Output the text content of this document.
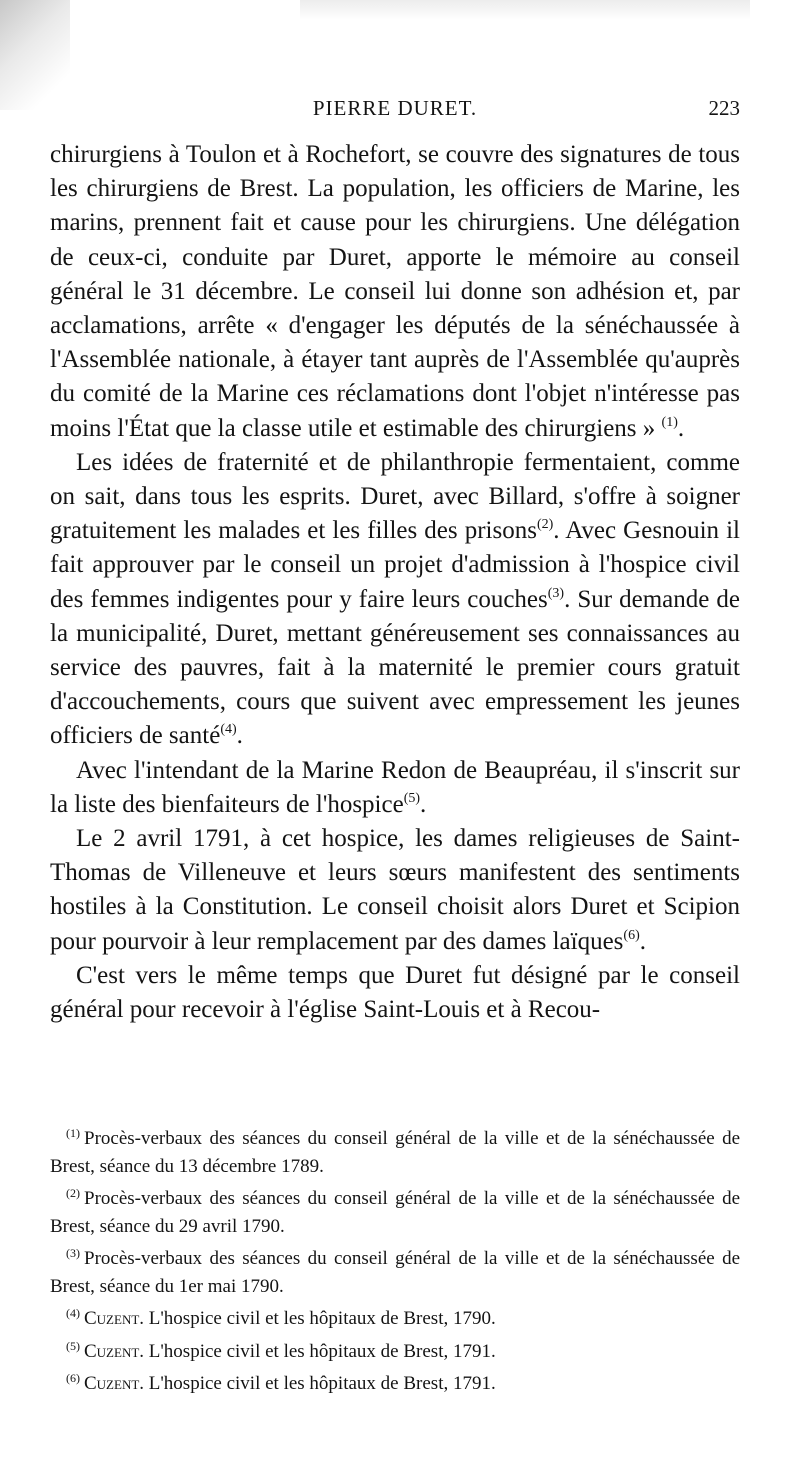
PIERRE DURET.	223

chirurgiens à Toulon et à Rochefort, se couvre des signatures de tous les chirurgiens de Brest. La population, les officiers de Marine, les marins, prennent fait et cause pour les chirurgiens. Une délégation de ceux-ci, conduite par Duret, apporte le mémoire au conseil général le 31 décembre. Le conseil lui donne son adhésion et, par acclamations, arrête « d'engager les députés de la sénéchaussée à l'Assemblée nationale, à étayer tant auprès de l'Assemblée qu'auprès du comité de la Marine ces réclamations dont l'objet n'intéresse pas moins l'État que la classe utile et estimable des chirurgiens » $^{(1)}$.

Les idées de fraternité et de philanthropie fermentaient, comme on sait, dans tous les esprits. Duret, avec Billard, s'offre à soigner gratuitement les malades et les filles des prisons$^{(2)}$. Avec Gesnouin il fait approuver par le conseil un projet d'admission à l'hospice civil des femmes indigentes pour y faire leurs couches$^{(3)}$. Sur demande de la municipalité, Duret, mettant généreusement ses connaissances au service des pauvres, fait à la maternité le premier cours gratuit d'accouchements, cours que suivent avec empressement les jeunes officiers de santé$^{(4)}$.

Avec l'intendant de la Marine Redon de Beaupréau, il s'inscrit sur la liste des bienfaiteurs de l'hospice$^{(5)}$.

Le 2 avril 1791, à cet hospice, les dames religieuses de Saint-Thomas de Villeneuve et leurs sœurs manifestent des sentiments hostiles à la Constitution. Le conseil choisit alors Duret et Scipion pour pourvoir à leur remplacement par des dames laïques$^{(6)}$.

C'est vers le même temps que Duret fut désigné par le conseil général pour recevoir à l'église Saint-Louis et à Recou-

$^{(1)}$ Procès-verbaux des séances du conseil général de la ville et de la sénéchaussée de Brest, séance du 13 décembre 1789.

$^{(2)}$ Procès-verbaux des séances du conseil général de la ville et de la sénéchaussée de Brest, séance du 29 avril 1790.

$^{(3)}$ Procès-verbaux des séances du conseil général de la ville et de la sénéchaussée de Brest, séance du 1er mai 1790.

$^{(4)}$ Cuzent. L'hospice civil et les hôpitaux de Brest, 1790.

$^{(5)}$ Cuzent. L'hospice civil et les hôpitaux de Brest, 1791.

$^{(6)}$ Cuzent. L'hospice civil et les hôpitaux de Brest, 1791.
